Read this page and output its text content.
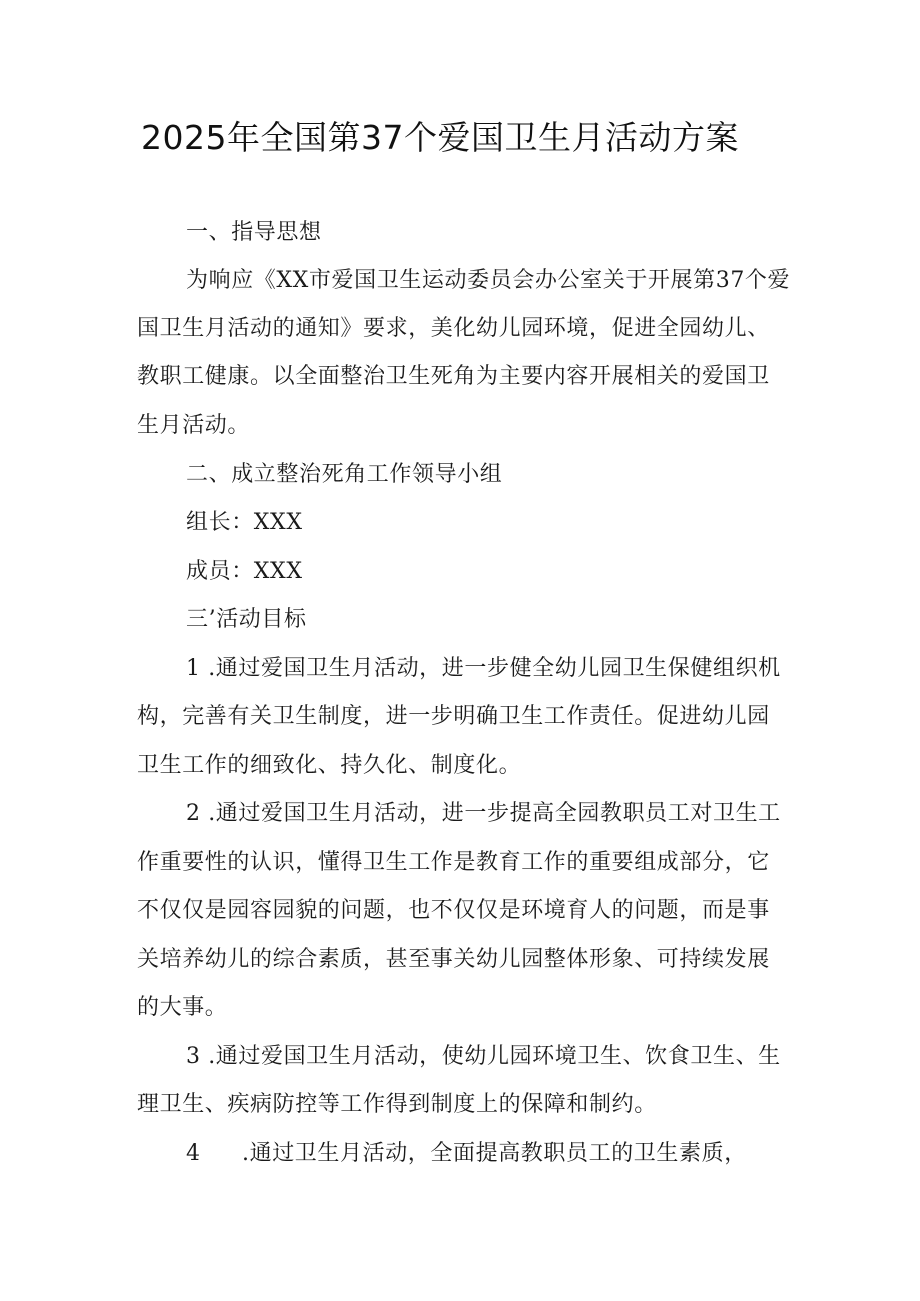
2025年全国第37个爱国卫生月活动方案
一、指导思想
为响应《XX市爱国卫生运动委员会办公室关于开展第37个爱
国卫生月活动的通知》要求，美化幼儿园环境，促进全园幼儿、
教职工健康。以全面整治卫生死角为主要内容开展相关的爱国卫
生月活动。
二、成立整治死角工作领导小组
组长：XXX
成员：XXX
三’活动目标
1 .通过爱国卫生月活动，进一步健全幼儿园卫生保健组织机
构，完善有关卫生制度，进一步明确卫生工作责任。促进幼儿园
卫生工作的细致化、持久化、制度化。
2 .通过爱国卫生月活动，进一步提高全园教职员工对卫生工
作重要性的认识，懂得卫生工作是教育工作的重要组成部分，它
不仅仅是园容园貌的问题，也不仅仅是环境育人的问题，而是事
关培养幼儿的综合素质，甚至事关幼儿园整体形象、可持续发展
的大事。
3 .通过爱国卫生月活动，使幼儿园环境卫生、饮食卫生、生
理卫生、疾病防控等工作得到制度上的保障和制约。
4 .通过卫生月活动，全面提高教职员工的卫生素质，
